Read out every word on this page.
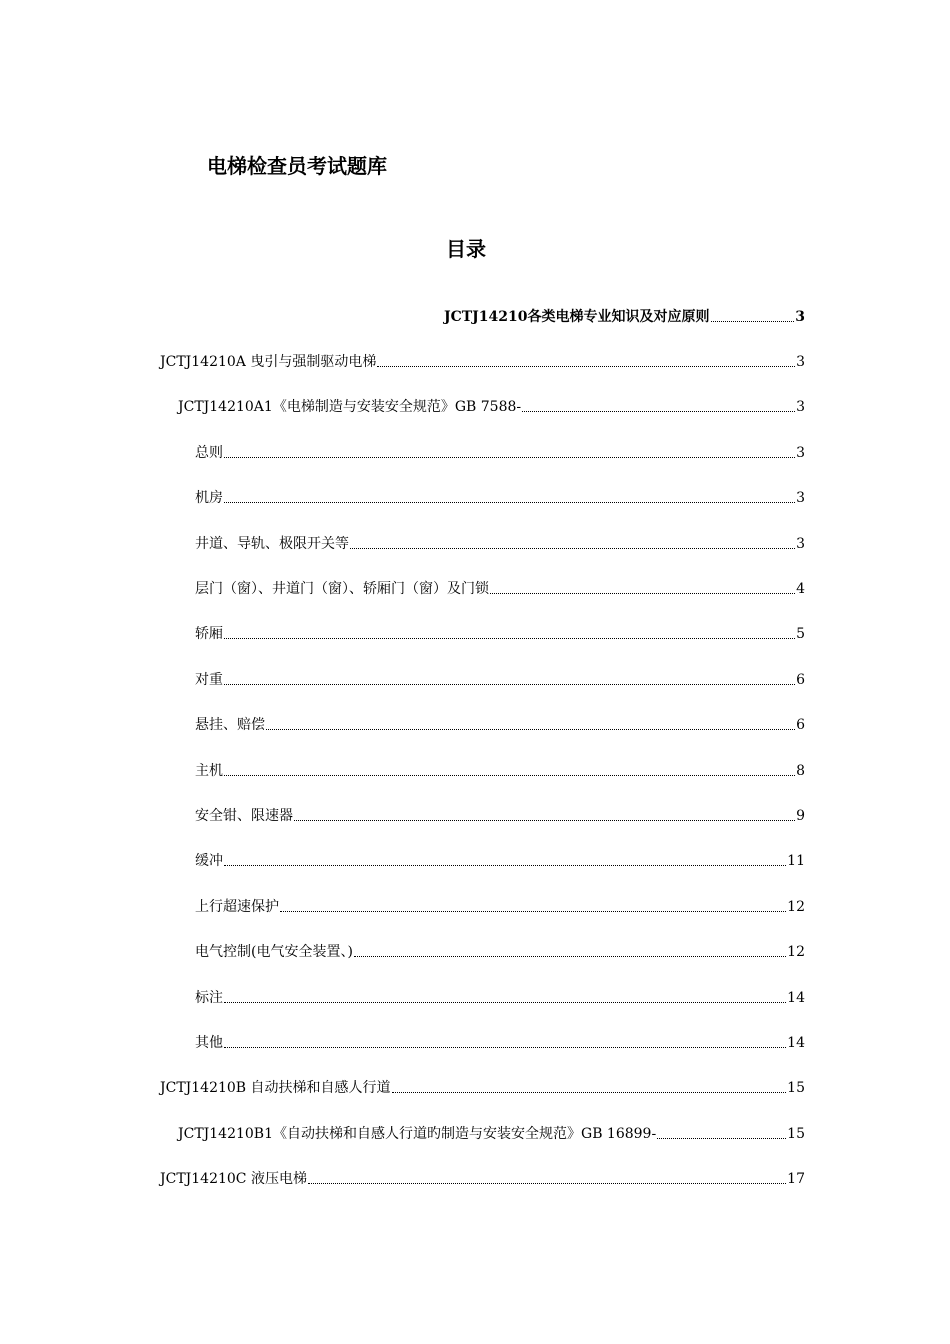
电梯检查员考试题库
目录
JCTJ14210各类电梯专业知识及对应原则	3
JCTJ14210A 曳引与强制驱动电梯	3
JCTJ14210A1《电梯制造与安装安全规范》GB 7588-	3
总则	3
机房	3
井道、导轨、极限开关等	3
层门（窗）、井道门（窗）、轿厢门（窗）及门锁	4
轿厢	5
对重	6
悬挂、赔偿	6
主机	8
安全钳、限速器	9
缓冲	11
上行超速保护	12
电气控制(电气安全装置、)	12
标注	14
其他	14
JCTJ14210B 自动扶梯和自感人行道	15
JCTJ14210B1《自动扶梯和自感人行道旳制造与安装安全规范》GB 16899-	15
JCTJ14210C 液压电梯	17
